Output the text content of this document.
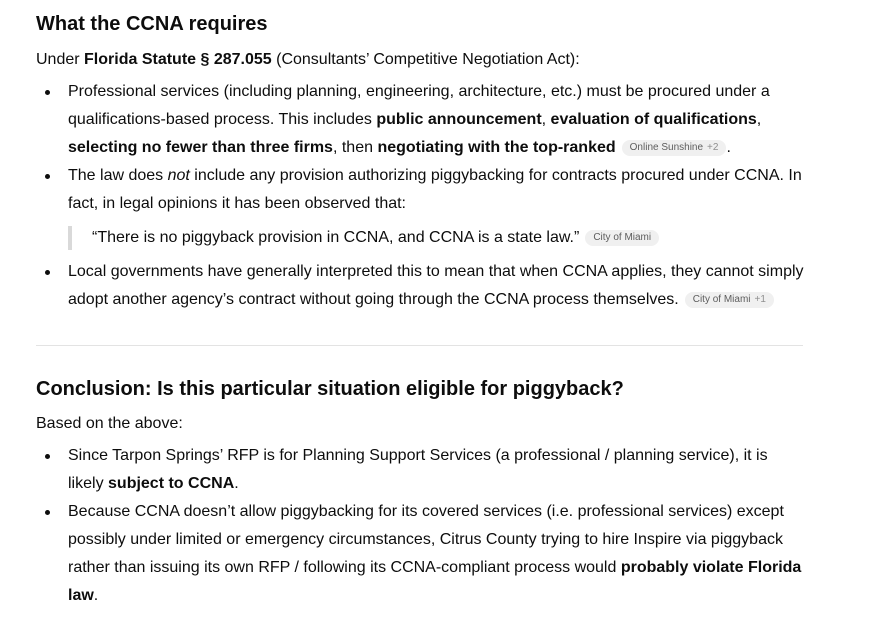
What the CCNA requires
Under Florida Statute § 287.055 (Consultants’ Competitive Negotiation Act):
Professional services (including planning, engineering, architecture, etc.) must be procured under a qualifications-based process. This includes public announcement, evaluation of qualifications, selecting no fewer than three firms, then negotiating with the top-ranked Online Sunshine +2 .
The law does not include any provision authorizing piggybacking for contracts procured under CCNA. In fact, in legal opinions it has been observed that:
“There is no piggyback provision in CCNA, and CCNA is a state law.” City of Miami
Local governments have generally interpreted this to mean that when CCNA applies, they cannot simply adopt another agency’s contract without going through the CCNA process themselves. City of Miami +1
Conclusion: Is this particular situation eligible for piggyback?
Based on the above:
Since Tarpon Springs’ RFP is for Planning Support Services (a professional / planning service), it is likely subject to CCNA.
Because CCNA doesn’t allow piggybacking for its covered services (i.e. professional services) except possibly under limited or emergency circumstances, Citrus County trying to hire Inspire via piggyback rather than issuing its own RFP / following its CCNA-compliant process would probably violate Florida law.
